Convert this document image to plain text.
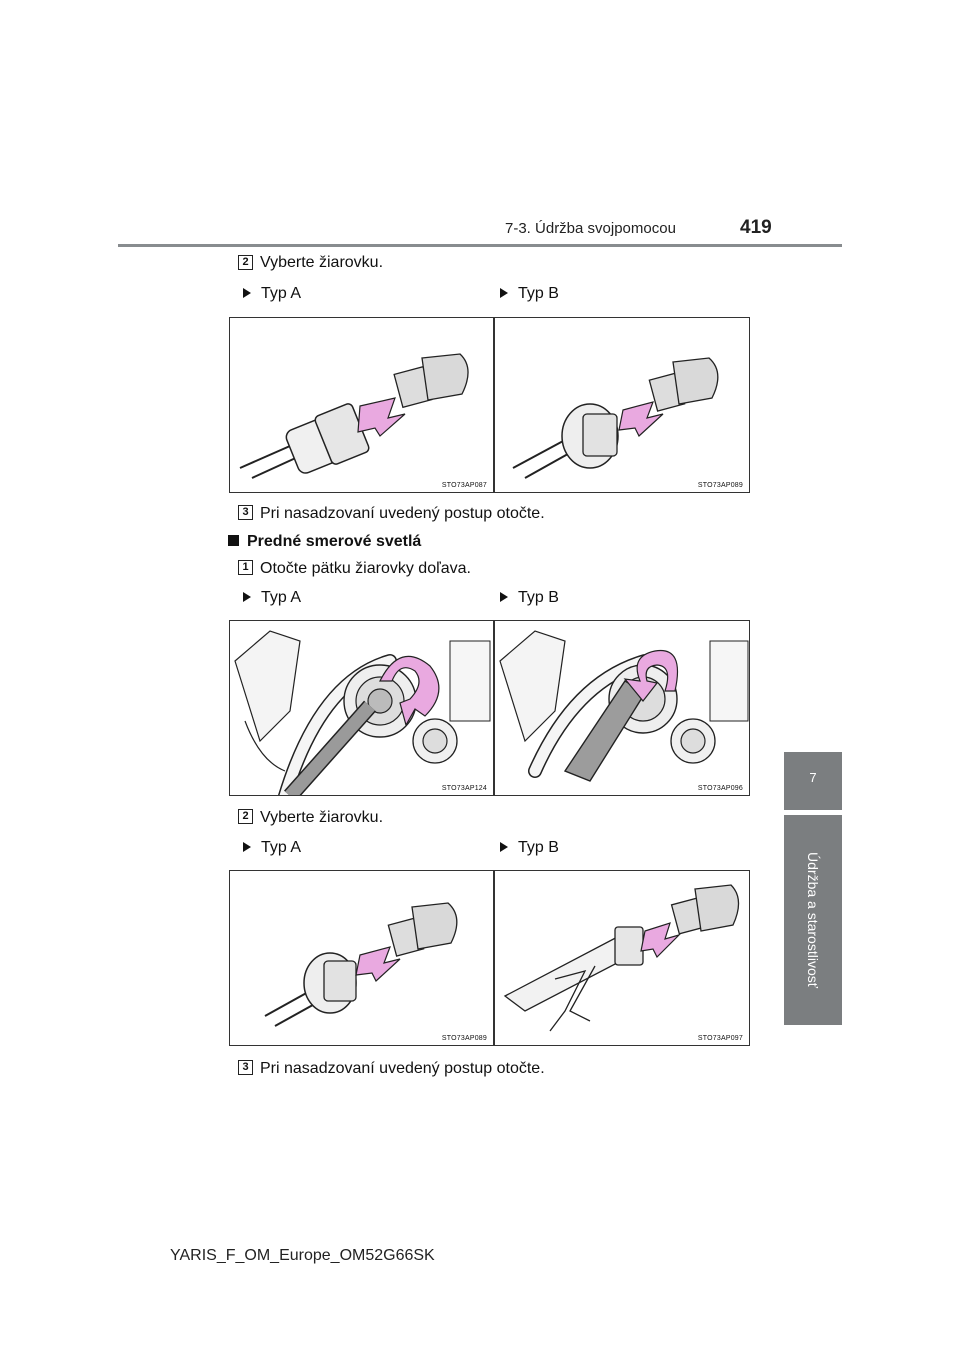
7-3. Údržba svojpomocou	419
7
Údržba a starostlivosť
2 Vyberte žiarovku.
Typ A	Typ B
STO73AP087	STO73AP089
3 Pri nasadzovaní uvedený postup otočte.
Predné smerové svetlá
1 Otočte pätku žiarovky doľava.
Typ A	Typ B
STO73AP124	STO73AP096
2 Vyberte žiarovku.
Typ A	Typ B
STO73AP089	STO73AP097
3 Pri nasadzovaní uvedený postup otočte.
YARIS_F_OM_Europe_OM52G66SK
